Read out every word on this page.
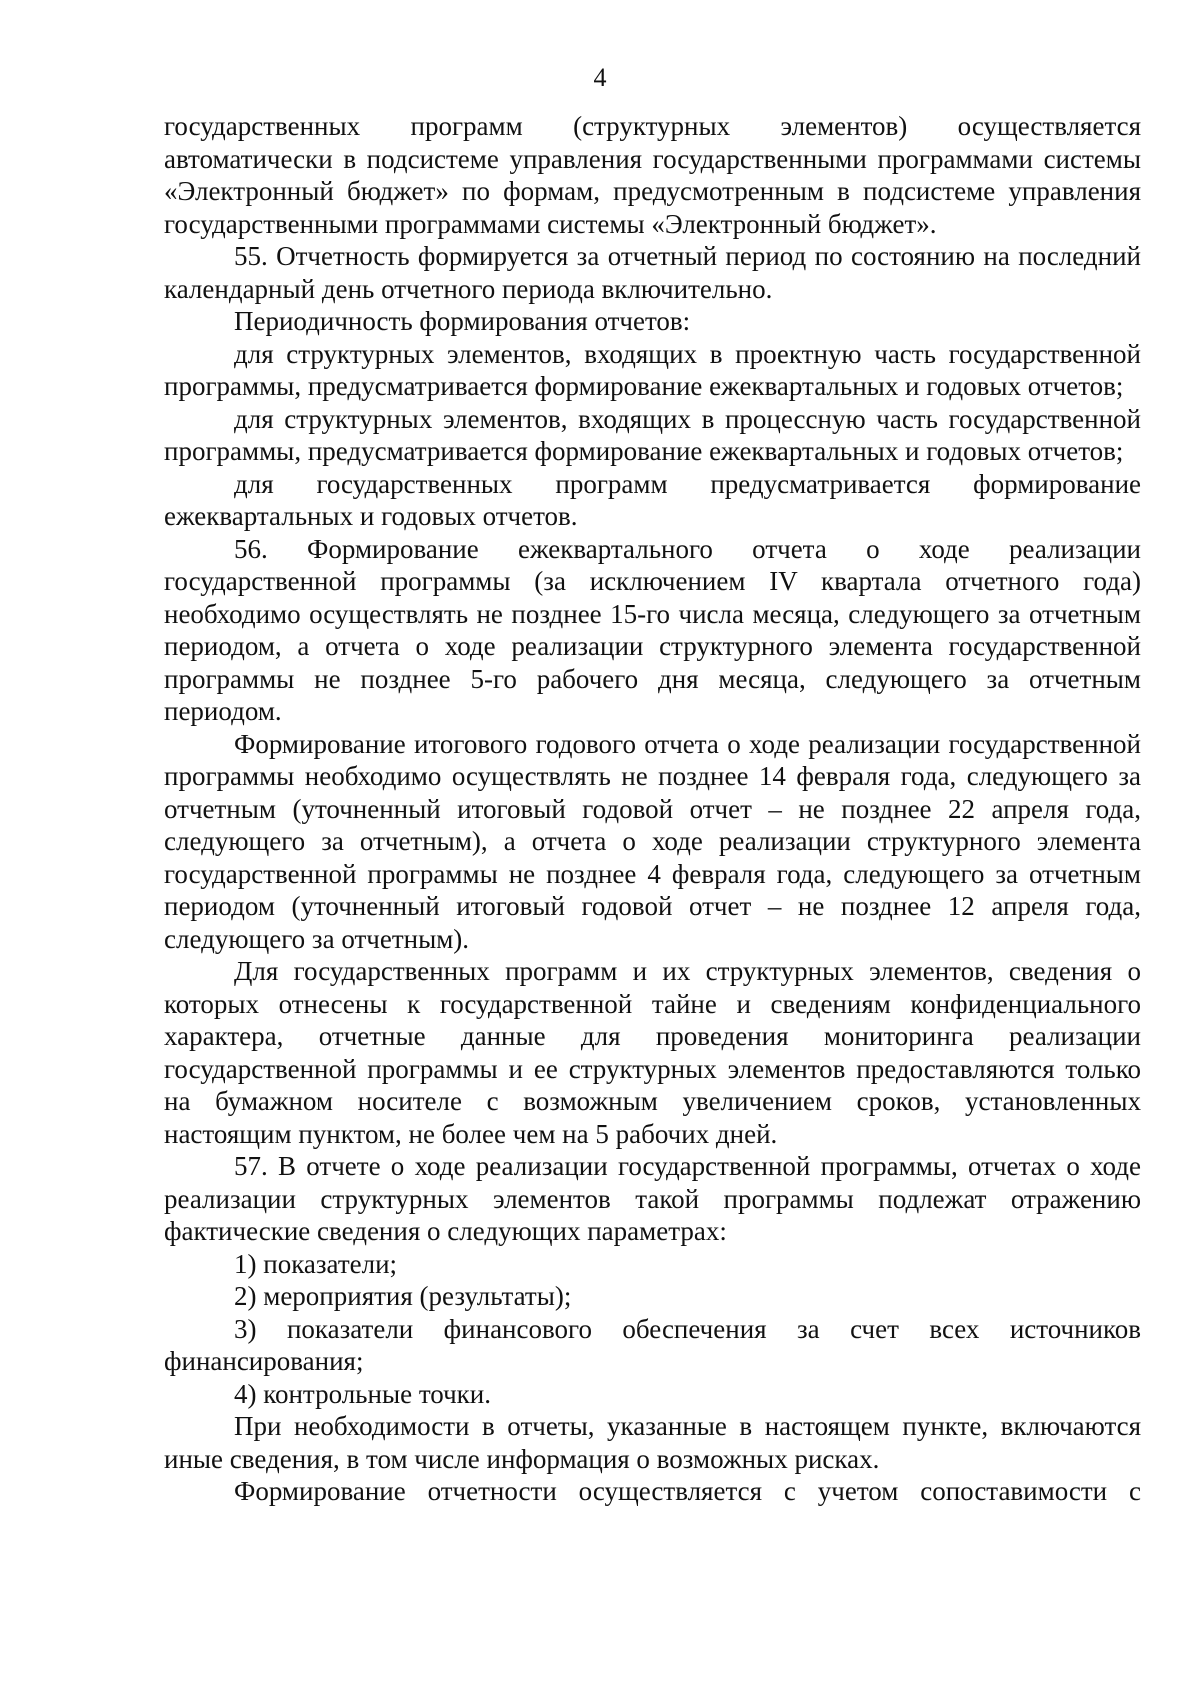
4

государственных программ (структурных элементов) осуществляется автоматически в подсистеме управления государственными программами системы «Электронный бюджет» по формам, предусмотренным в подсистеме управления государственными программами системы «Электронный бюджет».

55. Отчетность формируется за отчетный период по состоянию на последний календарный день отчетного периода включительно.

Периодичность формирования отчетов:

для структурных элементов, входящих в проектную часть государственной программы, предусматривается формирование ежеквартальных и годовых отчетов;

для структурных элементов, входящих в процессную часть государственной программы, предусматривается формирование ежеквартальных и годовых отчетов;

для государственных программ предусматривается формирование ежеквартальных и годовых отчетов.

56. Формирование ежеквартального отчета о ходе реализации государственной программы (за исключением IV квартала отчетного года) необходимо осуществлять не позднее 15-го числа месяца, следующего за отчетным периодом, а отчета о ходе реализации структурного элемента государственной программы не позднее 5-го рабочего дня месяца, следующего за отчетным периодом.

Формирование итогового годового отчета о ходе реализации государственной программы необходимо осуществлять не позднее 14 февраля года, следующего за отчетным (уточненный итоговый годовой отчет – не позднее 22 апреля года, следующего за отчетным), а отчета о ходе реализации структурного элемента государственной программы не позднее 4 февраля года, следующего за отчетным периодом (уточненный итоговый годовой отчет – не позднее 12 апреля года, следующего за отчетным).

Для государственных программ и их структурных элементов, сведения о которых отнесены к государственной тайне и сведениям конфиденциального характера, отчетные данные для проведения мониторинга реализации государственной программы и ее структурных элементов предоставляются только на бумажном носителе с возможным увеличением сроков, установленных настоящим пунктом, не более чем на 5 рабочих дней.

57. В отчете о ходе реализации государственной программы, отчетах о ходе реализации структурных элементов такой программы подлежат отражению фактические сведения о следующих параметрах:

1) показатели;

2) мероприятия (результаты);

3) показатели финансового обеспечения за счет всех источников финансирования;

4) контрольные точки.

При необходимости в отчеты, указанные в настоящем пункте, включаются иные сведения, в том числе информация о возможных рисках.

Формирование отчетности осуществляется с учетом сопоставимости с
